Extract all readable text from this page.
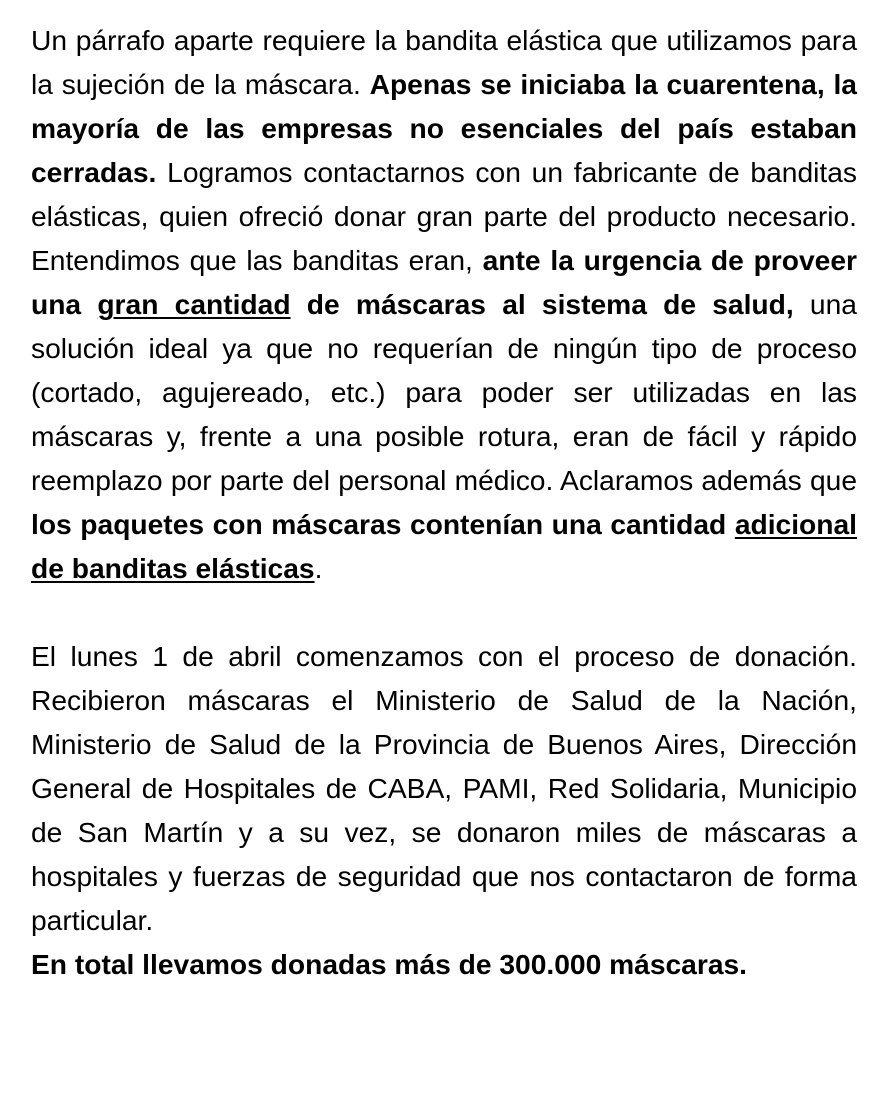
Un párrafo aparte requiere la bandita elástica que utilizamos para la sujeción de la máscara. Apenas se iniciaba la cuarentena, la mayoría de las empresas no esenciales del país estaban cerradas. Logramos contactarnos con un fabricante de banditas elásticas, quien ofreció donar gran parte del producto necesario. Entendimos que las banditas eran, ante la urgencia de proveer una gran cantidad de máscaras al sistema de salud, una solución ideal ya que no requerían de ningún tipo de proceso (cortado, agujereado, etc.) para poder ser utilizadas en las máscaras y, frente a una posible rotura, eran de fácil y rápido reemplazo por parte del personal médico. Aclaramos además que los paquetes con máscaras contenían una cantidad adicional de banditas elásticas.

El lunes 1 de abril comenzamos con el proceso de donación. Recibieron máscaras el Ministerio de Salud de la Nación, Ministerio de Salud de la Provincia de Buenos Aires, Dirección General de Hospitales de CABA, PAMI, Red Solidaria, Municipio de San Martín y a su vez, se donaron miles de máscaras a hospitales y fuerzas de seguridad que nos contactaron de forma particular.

En total llevamos donadas más de 300.000 máscaras.
